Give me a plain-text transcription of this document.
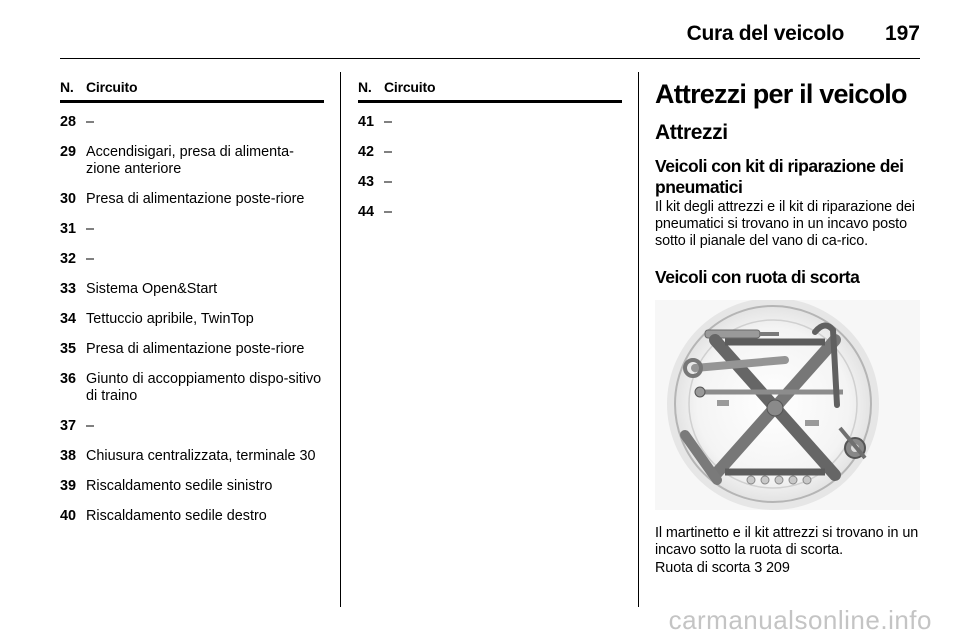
Cura del veicolo 197
N. Circuito
28 –
29 Accendisigari, presa di alimenta-zione anteriore
30 Presa di alimentazione poste-riore
31 –
32 –
33 Sistema Open&Start
34 Tettuccio apribile, TwinTop
35 Presa di alimentazione poste-riore
36 Giunto di accoppiamento dispo-sitivo di traino
37 –
38 Chiusura centralizzata, terminale 30
39 Riscaldamento sedile sinistro
40 Riscaldamento sedile destro
N. Circuito
41 –
42 –
43 –
44 –
Attrezzi per il veicolo
Attrezzi
Veicoli con kit di riparazione dei pneumatici
Il kit degli attrezzi e il kit di riparazione dei pneumatici si trovano in un incavo posto sotto il pianale del vano di ca-rico.
Veicoli con ruota di scorta
Il martinetto e il kit attrezzi si trovano in un incavo sotto la ruota di scorta.
Ruota di scorta 3 209
carmanualsonline.info
